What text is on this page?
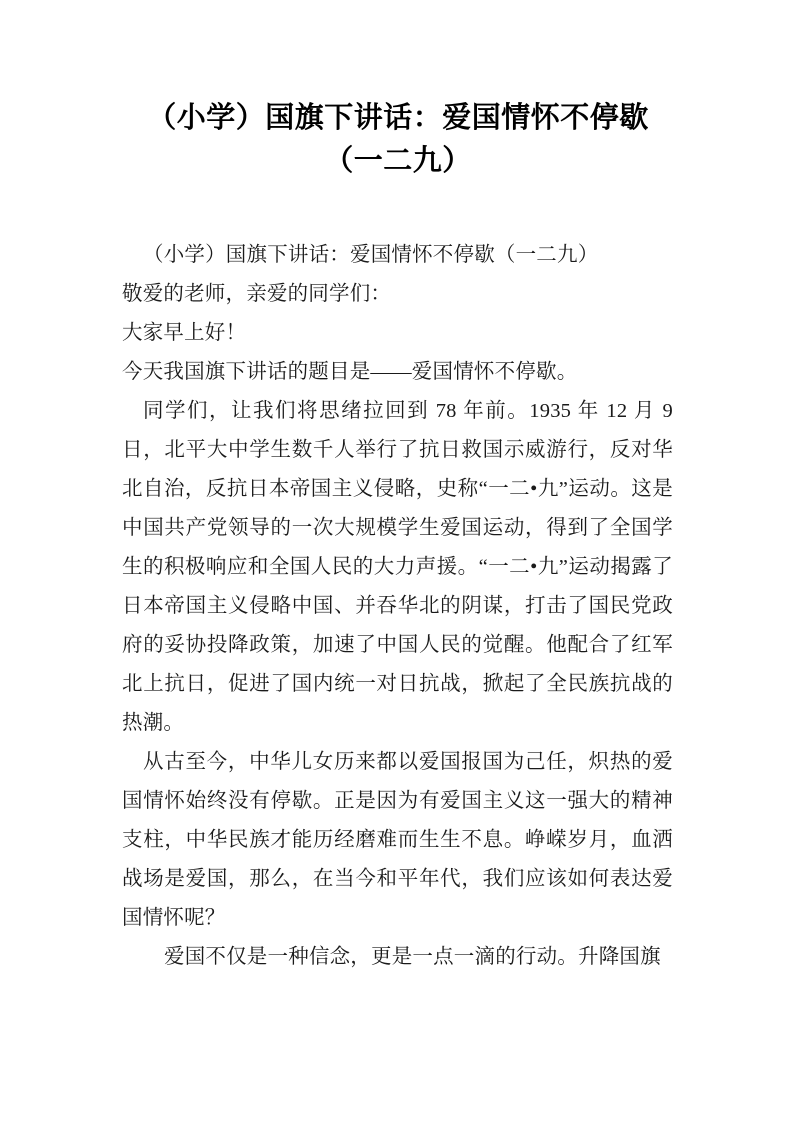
（小学）国旗下讲话：爱国情怀不停歇（一二九）

（小学）国旗下讲话：爱国情怀不停歇（一二九）

敬爱的老师，亲爱的同学们：

大家早上好！

今天我国旗下讲话的题目是——爱国情怀不停歇。

同学们，让我们将思绪拉回到 78 年前。1935 年 12 月 9 日，北平大中学生数千人举行了抗日救国示威游行，反对华北自治，反抗日本帝国主义侵略，史称“一二•九”运动。这是中国共产党领导的一次大规模学生爱国运动，得到了全国学生的积极响应和全国人民的大力声援。“一二•九”运动揭露了日本帝国主义侵略中国、并吞华北的阴谋，打击了国民党政府的妥协投降政策，加速了中国人民的觉醒。他配合了红军北上抗日，促进了国内统一对日抗战，掀起了全民族抗战的热潮。

从古至今，中华儿女历来都以爱国报国为己任，炽热的爱国情怀始终没有停歇。正是因为有爱国主义这一强大的精神支柱，中华民族才能历经磨难而生生不息。峥嵘岁月，血洒战场是爱国，那么，在当今和平年代，我们应该如何表达爱国情怀呢？

爱国不仅是一种信念，更是一点一滴的行动。升降国旗
